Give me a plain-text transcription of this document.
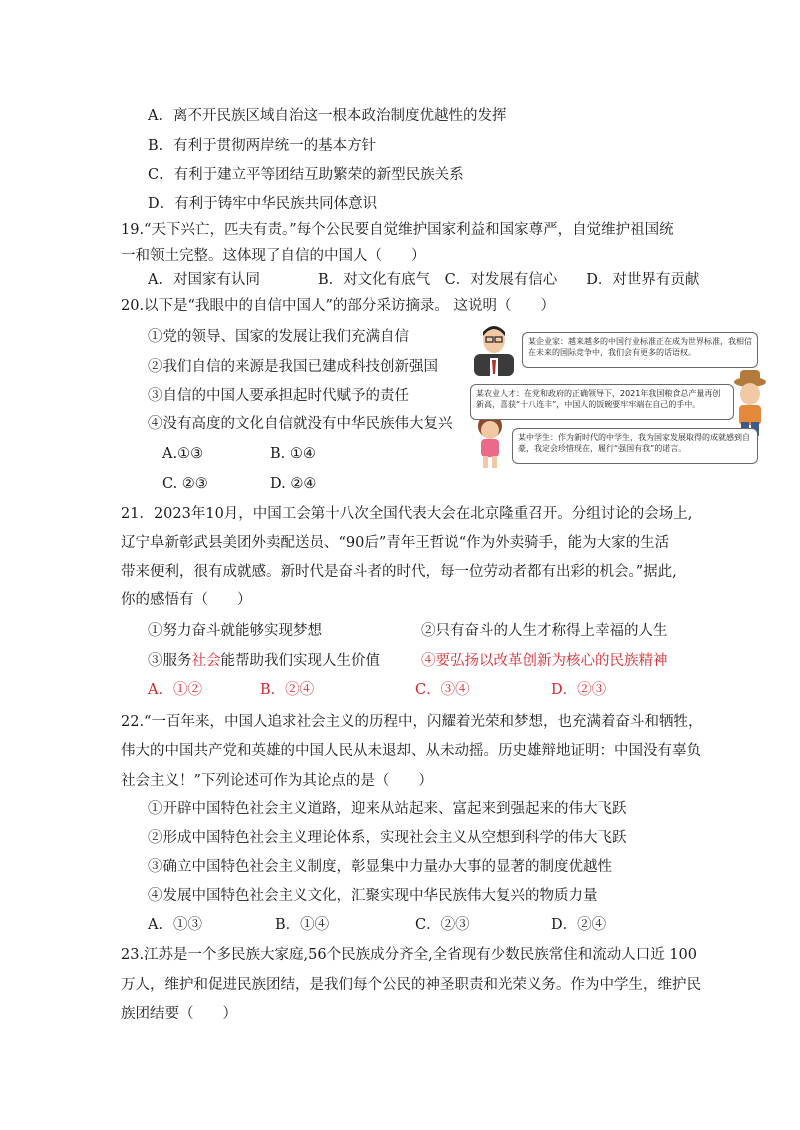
A．离不开民族区域自治这一根本政治制度优越性的发挥
B．有利于贯彻两岸统一的基本方针
C．有利于建立平等团结互助繁荣的新型民族关系
D．有利于铸牢中华民族共同体意识
19.“天下兴亡，匹夫有责。”每个公民要自觉维护国家利益和国家尊严，自觉维护祖国统
一和领土完整。这体现了自信的中国人（　　）
A．对国家有认同　　　　B．对文化有底气　C．对发展有信心　　D．对世界有贡献
20.以下是“我眼中的自信中国人”的部分采访摘录。 这说明（　　）
①党的领导、国家的发展让我们充满自信
②我们自信的来源是我国已建成科技创新强国
③自信的中国人要承担起时代赋予的责任
④没有高度的文化自信就没有中华民族伟大复兴
A.①③	B. ①④
C. ②③	D. ②④
某企业家：越来越多的中国行业标准正在成为世界标准，我相信在未来的国际竞争中，我们会有更多的话语权。
某农业人才：在党和政府的正确领导下，2021年我国粮食总产量再创新高，喜获“十八连丰”，中国人的饭碗要牢牢端在自己的手中。
某中学生：作为新时代的中学生，我为国家发展取得的成就感到自豪，我定会珍惜现在，履行“强国有我”的诺言。
21．2023年10月，中国工会第十八次全国代表大会在北京隆重召开。分组讨论的会场上,
辽宁阜新彰武县美团外卖配送员、“90后”青年王哲说“作为外卖骑手，能为大家的生活
带来便利，很有成就感。新时代是奋斗者的时代，每一位劳动者都有出彩的机会。”据此,
你的感悟有（　　）
①努力奋斗就能够实现梦想	②只有奋斗的人生才称得上幸福的人生
③服务社会能帮助我们实现人生价值	④要弘扬以改革创新为核心的民族精神
A．①②	B．②④	C．③④	D．②③
22.“一百年来，中国人追求社会主义的历程中，闪耀着光荣和梦想，也充满着奋斗和牺牲，
伟大的中国共产党和英雄的中国人民从未退却、从未动摇。历史雄辩地证明：中国没有辜负
社会主义！”下列论述可作为其论点的是（　　）
①开辟中国特色社会主义道路，迎来从站起来、富起来到强起来的伟大飞跃
②形成中国特色社会主义理论体系，实现社会主义从空想到科学的伟大飞跃
③确立中国特色社会主义制度，彰显集中力量办大事的显著的制度优越性
④发展中国特色社会主义文化，汇聚实现中华民族伟大复兴的物质力量
A．①③	B．①④	C．②③	D．②④
23.江苏是一个多民族大家庭,56个民族成分齐全,全省现有少数民族常住和流动人口近 100
万人，维护和促进民族团结，是我们每个公民的神圣职责和光荣义务。作为中学生，维护民
族团结要（　　）
